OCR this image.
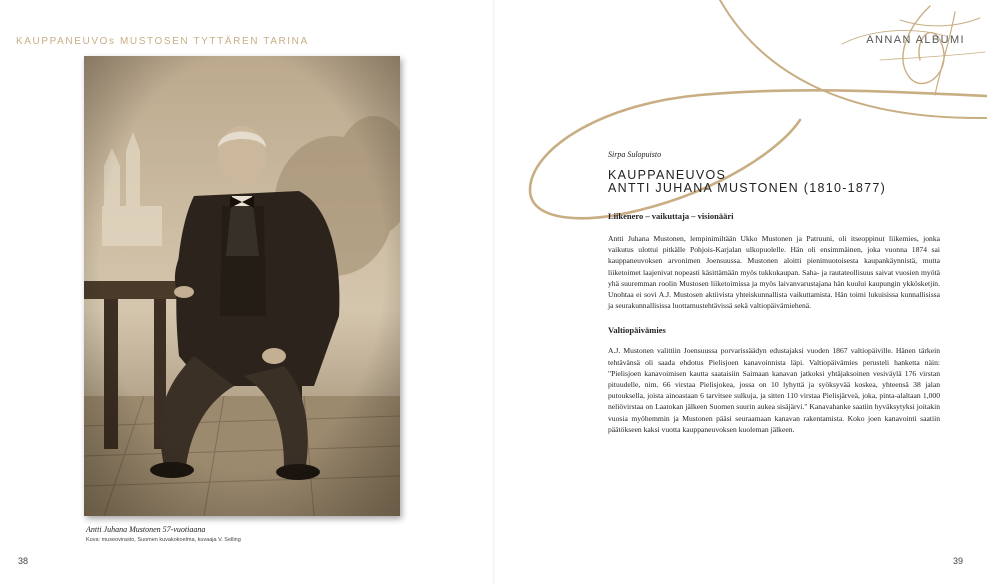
KAUPPANEUVOs MUSTOSEN TYTTÄREN TARINA
Antti Juhana Mustonen 57-vuotiaana
Kuva: museovirasto, Suomen kuvakokoelma, kuvaaja V. Selling
38
ANNAN ALBUMI

Sirpa Sulopuisto

KAUPPANEUVOS
ANTTI JUHANA MUSTONEN (1810-1877)

Liikenero – vaikuttaja – visionääri

Antti Juhana Mustonen, lempinimiltään Ukko Mustonen ja Patruuni, oli itseoppinut liikemies, jonka vaikutus ulottui pitkälle Pohjois-Karjalan ulkopuolelle. Hän oli ensimmäinen, joka vuonna 1874 sai kauppaneuvoksen arvonimen Joensuussa. Mustonen aloitti pienimuotoisesta kaupankäynnistä, mutta liiketoimet laajenivat nopeasti käsittämään myös tukkukaupan. Saha- ja rautateollisuus saivat vuosien myötä yhä suuremman roolin Mustosen liiketoimissa ja myös laivanvarustajana hän kuului kaupungin ykkösketjin. Unohtaa ei sovi A.J. Mustosen aktiivista yhteiskunnallista vaikuttamista. Hän toimi lukuisissa kunnallisissa ja seurakunnallisissa luottamustehtävissä sekä valtiopäivämiehenä.

Valtiopäivämies

A.J. Mustonen valittiin Joensuussa porvarissäädyn edustajaksi vuoden 1867 valtiopäiville. Hänen tärkein tehtävänsä oli saada ehdotus Pielisjoen kanavoinnista läpi. Valtiopäivämies perusteli hanketta näin: "Pielisjoen kanavoimisen kautta saataisiin Saimaan kanavan jatkoksi yhtäjaksoinen vesiväylä 176 virstan pituudelle, nim. 66 virstaa Pielisjokea, jossa on 10 lyhyttä ja syöksyvää koskea, yhteensä 38 jalan putouksella, joista ainoastaan 6 tarvitsee sulkuja, ja sitten 110 virstaa Pielisjärveä, joka, pinta-alaltaan 1,000 neliövirstaa on Laatokan jälkeen Suomen suurin aukea sisäjärvi." Kanavahanke saatiin hyväksytyksi joitakin vuosia myöhemmin ja Mustonen pääsi seuraamaan kanavan rakentamista. Koko joen kanavointi saatiin päätökseen kaksi vuotta kauppaneuvoksen kuoleman jälkeen.

39
